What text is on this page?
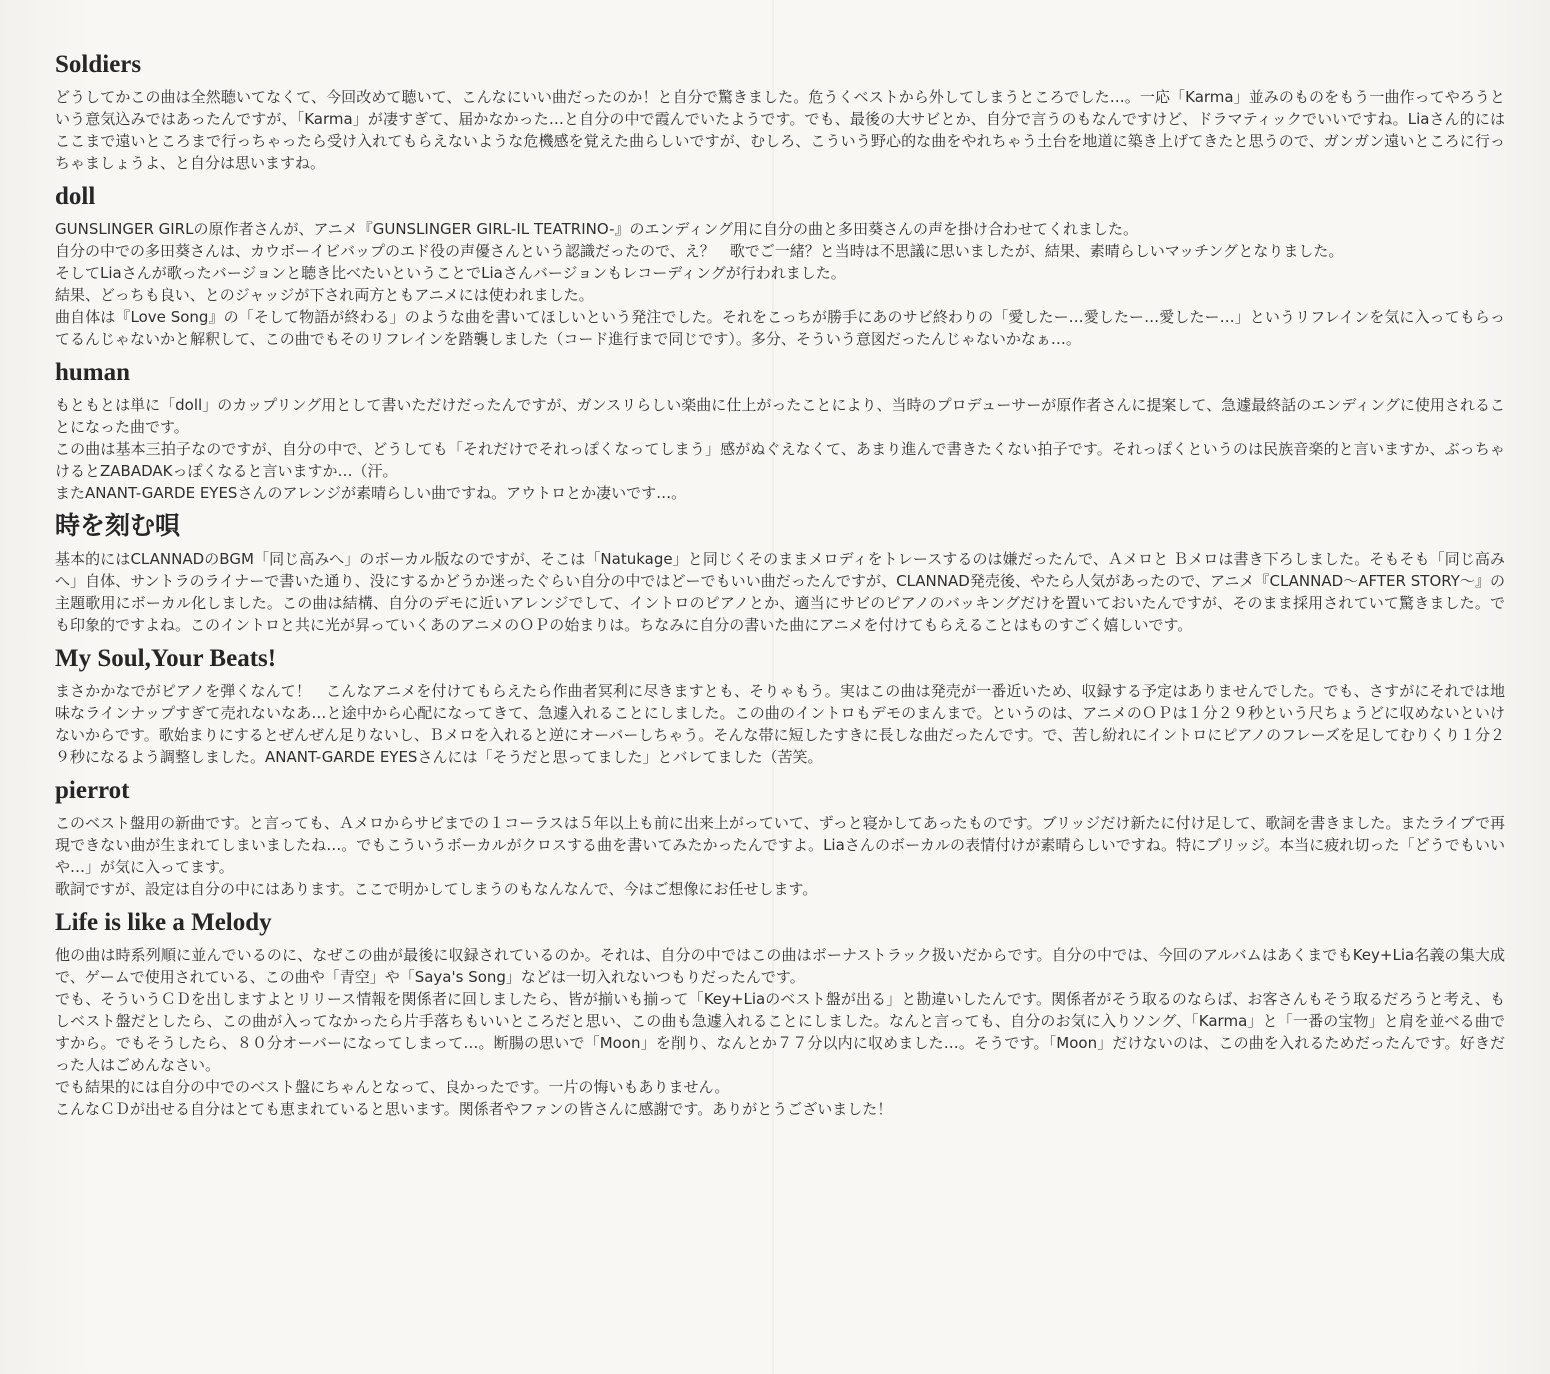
Soldiers

どうしてかこの曲は全然聴いてなくて、今回改めて聴いて、こんなにいい曲だったのか！と自分で驚きました。危うくベストから外してしまうところでした…。一応「Karma」並みのものをもう一曲作ってやろうという意気込みではあったんですが、「Karma」が凄すぎて、届かなかった…と自分の中で霞んでいたようです。でも、最後の大サビとか、自分で言うのもなんですけど、ドラマティックでいいですね。Liaさん的にはここまで遠いところまで行っちゃったら受け入れてもらえないような危機感を覚えた曲らしいですが、むしろ、こういう野心的な曲をやれちゃう土台を地道に築き上げてきたと思うので、ガンガン遠いところに行っちゃましょうよ、と自分は思いますね。

doll

GUNSLINGER GIRLの原作者さんが、アニメ『GUNSLINGER GIRL-IL TEATRINO-』のエンディング用に自分の曲と多田葵さんの声を掛け合わせてくれました。

自分の中での多田葵さんは、カウボーイビバップのエド役の声優さんという認識だったので、え？　歌でご一緒？と当時は不思議に思いましたが、結果、素晴らしいマッチングとなりました。

そしてLiaさんが歌ったバージョンと聴き比べたいということでLiaさんバージョンもレコーディングが行われました。

結果、どっちも良い、とのジャッジが下され両方ともアニメには使われました。

曲自体は『Love Song』の「そして物語が終わる」のような曲を書いてほしいという発注でした。それをこっちが勝手にあのサビ終わりの「愛したー…愛したー…愛したー…」というリフレインを気に入ってもらってるんじゃないかと解釈して、この曲でもそのリフレインを踏襲しました（コード進行まで同じです）。多分、そういう意図だったんじゃないかなぁ…。

human

もともとは単に「doll」のカップリング用として書いただけだったんですが、ガンスリらしい楽曲に仕上がったことにより、当時のプロデューサーが原作者さんに提案して、急遽最終話のエンディングに使用されることになった曲です。

この曲は基本三拍子なのですが、自分の中で、どうしても「それだけでそれっぽくなってしまう」感がぬぐえなくて、あまり進んで書きたくない拍子です。それっぽくというのは民族音楽的と言いますか、ぶっちゃけるとZABADAKっぽくなると言いますか…（汗。

またANANT-GARDE EYESさんのアレンジが素晴らしい曲ですね。アウトロとか凄いです…。

時を刻む唄

基本的にはCLANNADのBGM「同じ高みへ」のボーカル版なのですが、そこは「Natukage」と同じくそのままメロディをトレースするのは嫌だったんで、Ａメロと Ｂメロは書き下ろしました。そもそも「同じ高みへ」自体、サントラのライナーで書いた通り、没にするかどうか迷ったぐらい自分の中ではどーでもいい曲だったんですが、CLANNAD発売後、やたら人気があったので、アニメ『CLANNAD～AFTER STORY～』の主題歌用にボーカル化しました。この曲は結構、自分のデモに近いアレンジでして、イントロのピアノとか、適当にサビのピアノのバッキングだけを置いておいたんですが、そのまま採用されていて驚きました。でも印象的ですよね。このイントロと共に光が昇っていくあのアニメのＯＰの始まりは。ちなみに自分の書いた曲にアニメを付けてもらえることはものすごく嬉しいです。

My Soul,Your Beats!

まさかかなでがピアノを弾くなんて！　こんなアニメを付けてもらえたら作曲者冥利に尽きますとも、そりゃもう。実はこの曲は発売が一番近いため、収録する予定はありませんでした。でも、さすがにそれでは地味なラインナップすぎて売れないなあ…と途中から心配になってきて、急遽入れることにしました。この曲のイントロもデモのまんまで。というのは、アニメのＯＰは１分２９秒という尺ちょうどに収めないといけないからです。歌始まりにするとぜんぜん足りないし、Ｂメロを入れると逆にオーバーしちゃう。そんな帯に短したすきに長しな曲だったんです。で、苦し紛れにイントロにピアノのフレーズを足してむりくり１分２９秒になるよう調整しました。ANANT-GARDE EYESさんには「そうだと思ってました」とバレてました（苦笑。

pierrot

このベスト盤用の新曲です。と言っても、Ａメロからサビまでの１コーラスは５年以上も前に出来上がっていて、ずっと寝かしてあったものです。ブリッジだけ新たに付け足して、歌詞を書きました。またライブで再現できない曲が生まれてしまいましたね…。でもこういうボーカルがクロスする曲を書いてみたかったんですよ。Liaさんのボーカルの表情付けが素晴らしいですね。特にブリッジ。本当に疲れ切った「どうでもいいや…」が気に入ってます。

歌詞ですが、設定は自分の中にはあります。ここで明かしてしまうのもなんなんで、今はご想像にお任せします。

Life is like a Melody

他の曲は時系列順に並んでいるのに、なぜこの曲が最後に収録されているのか。それは、自分の中ではこの曲はボーナストラック扱いだからです。自分の中では、今回のアルバムはあくまでもKey+Lia名義の集大成で、ゲームで使用されている、この曲や「青空」や「Saya's Song」などは一切入れないつもりだったんです。

でも、そういうＣＤを出しますよとリリース情報を関係者に回しましたら、皆が揃いも揃って「Key+Liaのベスト盤が出る」と勘違いしたんです。関係者がそう取るのならば、お客さんもそう取るだろうと考え、もしベスト盤だとしたら、この曲が入ってなかったら片手落ちもいいところだと思い、この曲も急遽入れることにしました。なんと言っても、自分のお気に入りソング、「Karma」と「一番の宝物」と肩を並べる曲ですから。でもそうしたら、８０分オーバーになってしまって…。断腸の思いで「Moon」を削り、なんとか７７分以内に収めました…。そうです。「Moon」だけないのは、この曲を入れるためだったんです。好きだった人はごめんなさい。

でも結果的には自分の中でのベスト盤にちゃんとなって、良かったです。一片の悔いもありません。

こんなＣＤが出せる自分はとても恵まれていると思います。関係者やファンの皆さんに感謝です。ありがとうございました！
